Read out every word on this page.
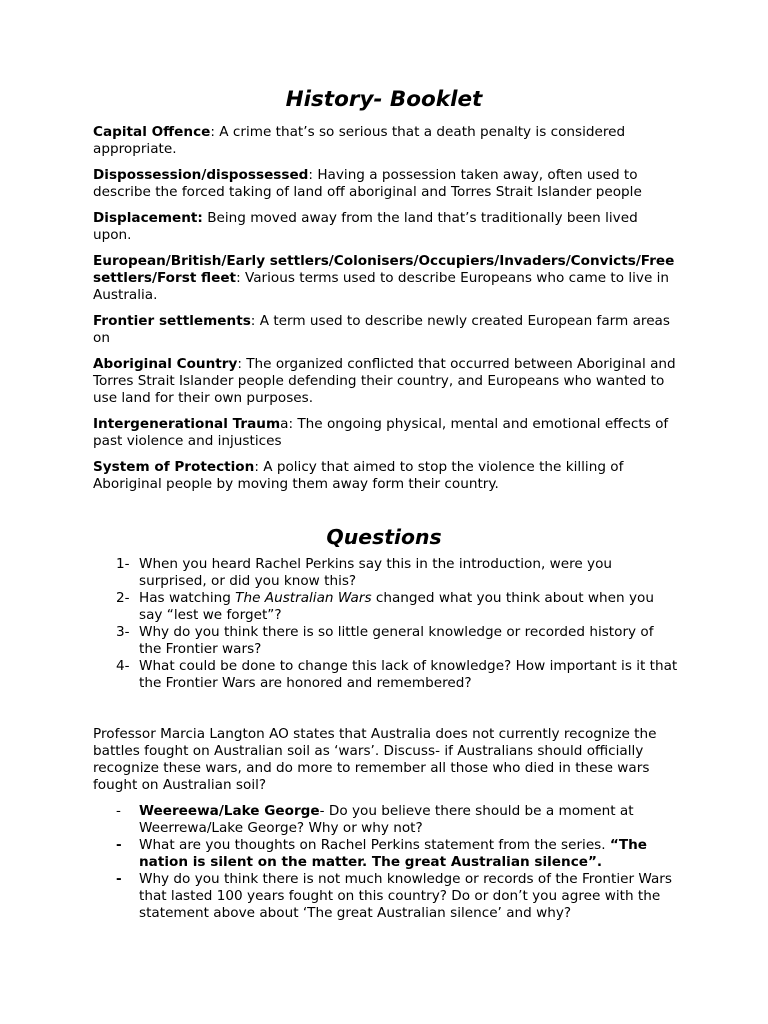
History- Booklet

Capital Offence: A crime that’s so serious that a death penalty is considered appropriate.

Dispossession/dispossessed: Having a possession taken away, often used to describe the forced taking of land off aboriginal and Torres Strait Islander people

Displacement: Being moved away from the land that’s traditionally been lived upon.

European/British/Early settlers/Colonisers/Occupiers/Invaders/Convicts/Free settlers/Forst fleet: Various terms used to describe Europeans who came to live in Australia.

Frontier settlements: A term used to describe newly created European farm areas on

Aboriginal Country: The organized conflicted that occurred between Aboriginal and Torres Strait Islander people defending their country, and Europeans who wanted to use land for their own purposes.

Intergenerational Trauma: The ongoing physical, mental and emotional effects of past violence and injustices

System of Protection: A policy that aimed to stop the violence the killing of Aboriginal people by moving them away form their country.

Questions
1- When you heard Rachel Perkins say this in the introduction, were you surprised, or did you know this?
2- Has watching The Australian Wars changed what you think about when you say “lest we forget”?
3- Why do you think there is so little general knowledge or recorded history of the Frontier wars?
4- What could be done to change this lack of knowledge? How important is it that the Frontier Wars are honored and remembered?

Professor Marcia Langton AO states that Australia does not currently recognize the battles fought on Australian soil as ‘wars’. Discuss- if Australians should officially recognize these wars, and do more to remember all those who died in these wars fought on Australian soil?

- Weereewa/Lake George- Do you believe there should be a moment at Weerrewa/Lake George? Why or why not?
- What are you thoughts on Rachel Perkins statement from the series. “The nation is silent on the matter. The great Australian silence”.
- Why do you think there is not much knowledge or records of the Frontier Wars that lasted 100 years fought on this country? Do or don’t you agree with the statement above about ‘The great Australian silence’ and why?
